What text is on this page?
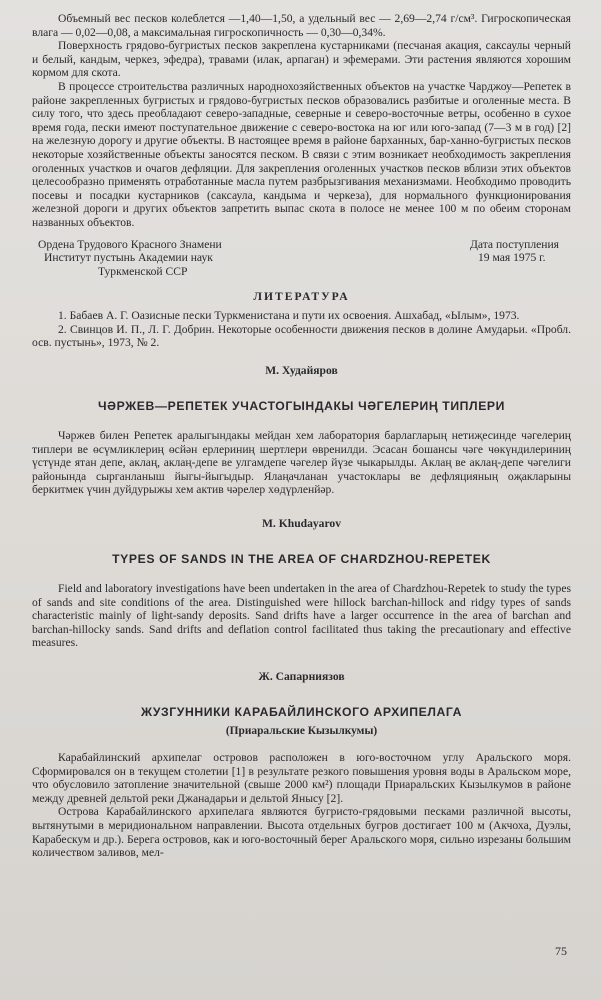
Объемный вес песков колеблется —1,40—1,50, а удельный вес — 2,69—2,74 г/см³. Гигроскопическая влага — 0,02—0,08, а максимальная гигроскопичность — 0,30—0,34%.

Поверхность грядово-бугристых песков закреплена кустарниками (песчаная акация, саксаулы черный и белый, кандым, черкез, эфедра), травами (илак, арпаган) и эфемерами. Эти растения являются хорошим кормом для скота.

В процессе строительства различных народнохозяйственных объектов на участке Чарджоу—Репетек в районе закрепленных бугристых и грядово-бугристых песков образовались разбитые и оголенные места. В силу того, что здесь преобладают северо-западные, северные и северо-восточные ветры, особенно в сухое время года, пески имеют поступательное движение с северо-востока на юг или юго-запад (7—3 м в год) [2] на железную дорогу и другие объекты. В настоящее время в районе барханных, бар-ханно-бугристых песков некоторые хозяйственные объекты заносятся песком. В связи с этим возникает необходимость закрепления оголенных участков и очагов дефляции. Для закрепления оголенных участков песков вблизи этих объектов целесообразно применять отработанные масла путем разбрызгивания механизмами. Необходимо проводить посевы и посадки кустарников (саксаула, кандыма и черкеза), для нормального функционирования железной дороги и других объектов запретить выпас скота в полосе не менее 100 м по обеим сторонам названных объектов.

Ордена Трудового Красного Знамени
Институт пустынь Академии наук
Туркменской ССР
Дата поступления
19 мая 1975 г.
ЛИТЕРАТУРА

1. Бабаев А. Г. Оазисные пески Туркменистана и пути их освоения. Ашхабад, «Ылым», 1973.

2. Свинцов И. П., Л. Г. Добрин. Некоторые особенности движения песков в долине Амударьи. «Пробл. осв. пустынь», 1973, № 2.

М. Худайяров
ЧӘРЖЕВ—РЕПЕТЕК УЧАСТОГЫНДАКЫ ЧӘГЕЛЕРИҢ ТИПЛЕРИ

Чәржев билен Репетек аралыгындакы мейдан хем лаборатория барлагларың нетиҗесинде чәгелериң типлери ве өсүмликлериң өсйән ерлериниң шертлери өвренилди. Эсасан бошансы чәге чөкүндилериниң үстүнде ятан депе, аклаң, аклаң-депе ве улгамдепе чәгелер йүзе чыкарылды. Аклаң ве аклаң-депе чәгелиги районында сырганланыш йыгы-йыгыдыр. Ялаңачланан участоклары ве дефляцияның оҗакларыны беркитмек үчин дуйдурыжы хем актив чәрелер хөдүрленйәр.

M. Khudayarov
TYPES OF SANDS IN THE AREA OF CHARDZHOU-REPETEK

Field and laboratory investigations have been undertaken in the area of Chardzhou-Repetek to study the types of sands and site conditions of the area. Distinguished were hillock barchan-hillock and ridgy types of sands characteristic mainly of light-sandy deposits. Sand drifts have a larger occurrence in the area of barchan and barchan-hillocky sands. Sand drifts and deflation control facilitated thus taking the precautionary and effective measures.

Ж. Сапарниязов
ЖУЗГУННИКИ КАРАБАЙЛИНСКОГО АРХИПЕЛАГА
(Приаральские Кызылкумы)

Карабайлинский архипелаг островов расположен в юго-восточном углу Аральского моря. Сформировался он в текущем столетии [1] в результате резкого повышения уровня воды в Аральском море, что обусловило затопление значительной (свыше 2000 км²) площади Приаральских Кызылкумов в районе между древней дельтой реки Джанадарьи и дельтой Янысу [2].

Острова Карабайлинского архипелага являются бугристо-грядовыми песками различной высоты, вытянутыми в меридиональном направлении. Высота отдельных бугров достигает 100 м (Акчоха, Дуэлы, Карабескум и др.). Берега островов, как и юго-восточный берег Аральского моря, сильно изрезаны большим количеством заливов, мел-

75
